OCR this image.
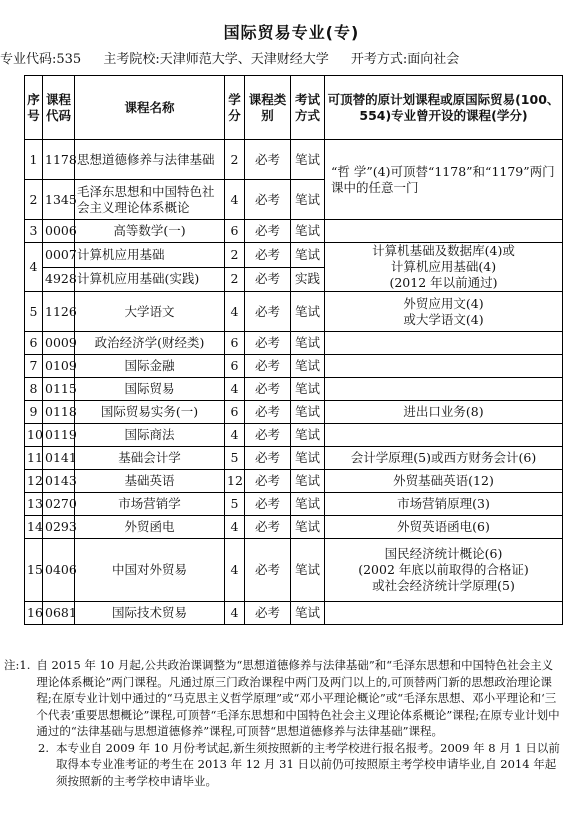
国际贸易专业(专)
专业代码:535 主考院校:天津师范大学、天津财经大学 开考方式:面向社会
序号	课程代码	课程名称	学分	课程类别	考试方式	可顶替的原计划课程或原国际贸易(100、554)专业曾开设的课程(学分)
1	1178	思想道德修养与法律基础	2	必考	笔试	“哲 学”(4)可顶替“1178”和“1179”两门课中的任意一门
2	1345	毛泽东思想和中国特色社会主义理论体系概论	4	必考	笔试	
3	0006	高等数学(一)	6	必考	笔试	
4	0007	计算机应用基础	2	必考	笔试	计算机基础及数据库(4)或
计算机应用基础(4)
(2012 年以前通过)
	4928	计算机应用基础(实践)	2	必考	实践	
5	1126	大学语文	4	必考	笔试	外贸应用文(4)
或大学语文(4)
6	0009	政治经济学(财经类)	6	必考	笔试	
7	0109	国际金融	6	必考	笔试	
8	0115	国际贸易	4	必考	笔试	
9	0118	国际贸易实务(一)	6	必考	笔试	进出口业务(8)
10	0119	国际商法	4	必考	笔试	
11	0141	基础会计学	5	必考	笔试	会计学原理(5)或西方财务会计(6)
12	0143	基础英语	12	必考	笔试	外贸基础英语(12)
13	0270	市场营销学	5	必考	笔试	市场营销原理(3)
14	0293	外贸函电	4	必考	笔试	外贸英语函电(6)
15	0406	中国对外贸易	4	必考	笔试	国民经济统计概论(6)
(2002 年底以前取得的合格证)
或社会经济统计学原理(5)
16	0681	国际技术贸易	4	必考	笔试	
注: 1. 自 2015 年 10 月起,公共政治课调整为“思想道德修养与法律基础”和“毛泽东思想和中国特色社会主义理论体系概论”两门课程。凡通过原三门政治课程中两门及两门以上的,可顶替两门新的思想政治理论课程;在原专业计划中通过的“马克思主义哲学原理”或“邓小平理论概论”或“毛泽东思想、邓小平理论和‘三个代表’重要思想概论”课程,可顶替“毛泽东思想和中国特色社会主义理论体系概论”课程;在原专业计划中通过的“法律基础与思想道德修养”课程,可顶替“思想道德修养与法律基础”课程。
2. 本专业自 2009 年 10 月份考试起,新生须按照新的主考学校进行报名报考。2009 年 8 月 1 日以前取得本专业准考证的考生在 2013 年 12 月 31 日以前仍可按照原主考学校申请毕业,自 2014 年起须按照新的主考学校申请毕业。
